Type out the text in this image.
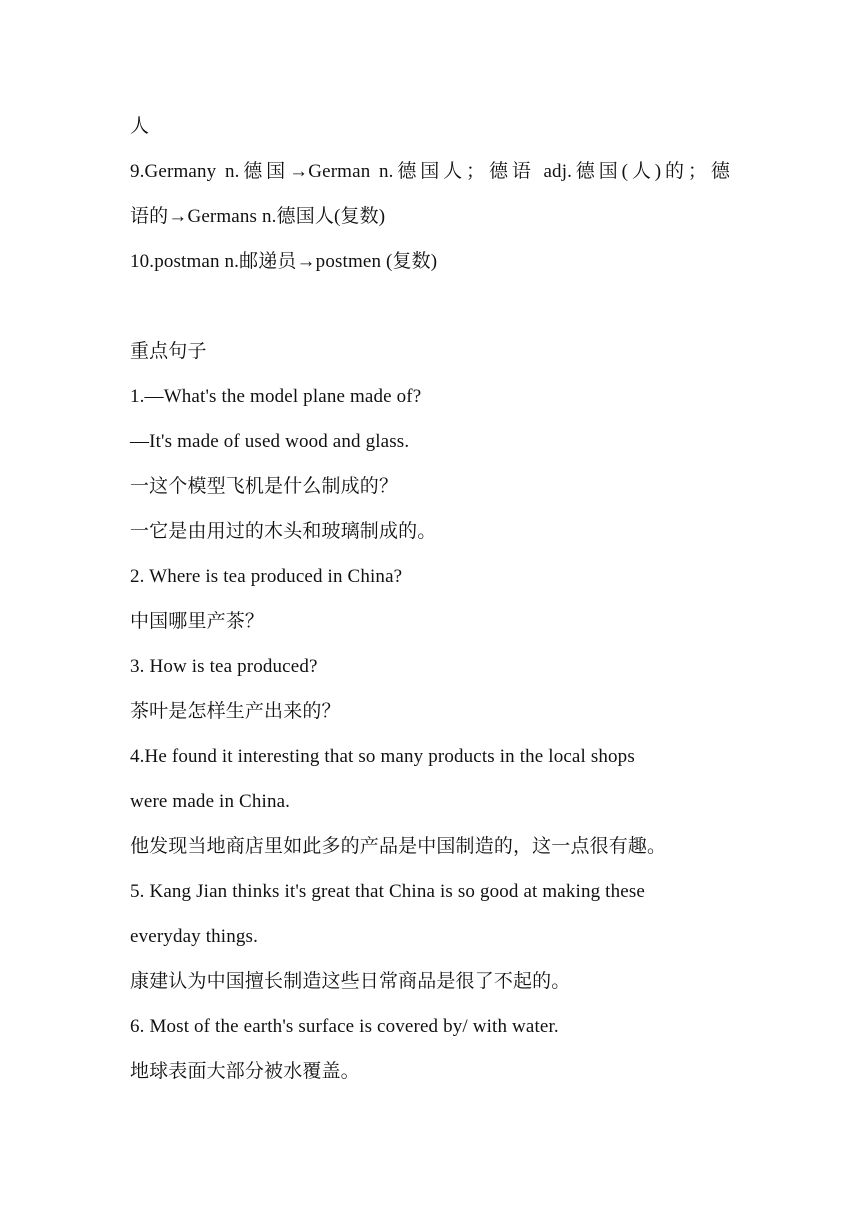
人
9.Germany n.德国→German n.德国人；德语 adj.德国(人)的；德
语的→Germans n.德国人(复数)
10.postman n.邮递员→postmen (复数)
重点句子
1.—What's the model plane made of?
—It's made of used wood and glass.
一这个模型飞机是什么制成的？
一它是由用过的木头和玻璃制成的。
2. Where is tea produced in China?
中国哪里产茶？
3. How is tea produced?
茶叶是怎样生产出来的？
4.He found it interesting that so many products in the local shops
were made in China.
他发现当地商店里如此多的产品是中国制造的，这一点很有趣。
5. Kang Jian thinks it's great that China is so good at making these
everyday things.
康建认为中国擅长制造这些日常商品是很了不起的。
6. Most of the earth's surface is covered by/ with water.
地球表面大部分被水覆盖。
